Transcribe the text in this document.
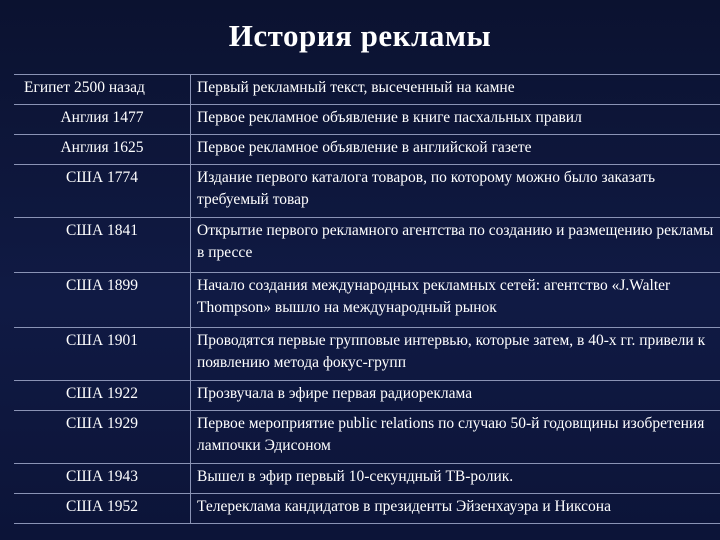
История рекламы
Египет 2500 назад	Первый рекламный текст, высеченный на камне
Англия 1477	Первое рекламное объявление в книге пасхальных правил
Англия 1625	Первое рекламное объявление в английской газете
США 1774	Издание первого каталога товаров, по которому можно было заказать требуемый товар
США 1841	Открытие первого рекламного агентства по созданию и размещению рекламы в прессе
США 1899	Начало создания международных рекламных сетей: агентство «J.Walter Thompson» вышло на международный рынок
США 1901	Проводятся первые групповые интервью, которые затем, в 40-х гг. привели к появлению метода фокус-групп
США 1922	Прозвучала в эфире первая радиореклама
США 1929	Первое мероприятие public relations по случаю 50-й годовщины изобретения лампочки Эдисоном
США 1943	Вышел в эфир первый 10-секундный ТВ-ролик.
США 1952	Телереклама кандидатов в президенты Эйзенхауэра и Никсона
